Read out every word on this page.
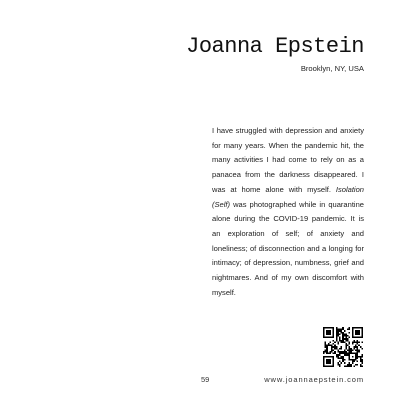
Joanna Epstein
Brooklyn, NY, USA
I have struggled with depression and anxiety for many years. When the pandemic hit, the many activities I had come to rely on as a panacea from the darkness disappeared. I was at home alone with myself. Isolation (Self) was photographed while in quarantine alone during the COVID-19 pandemic. It is an exploration of self; of anxiety and loneliness; of disconnection and a longing for intimacy; of depression, numbness, grief and nightmares. And of my own discomfort with myself.
59	www.joannaepstein.com
